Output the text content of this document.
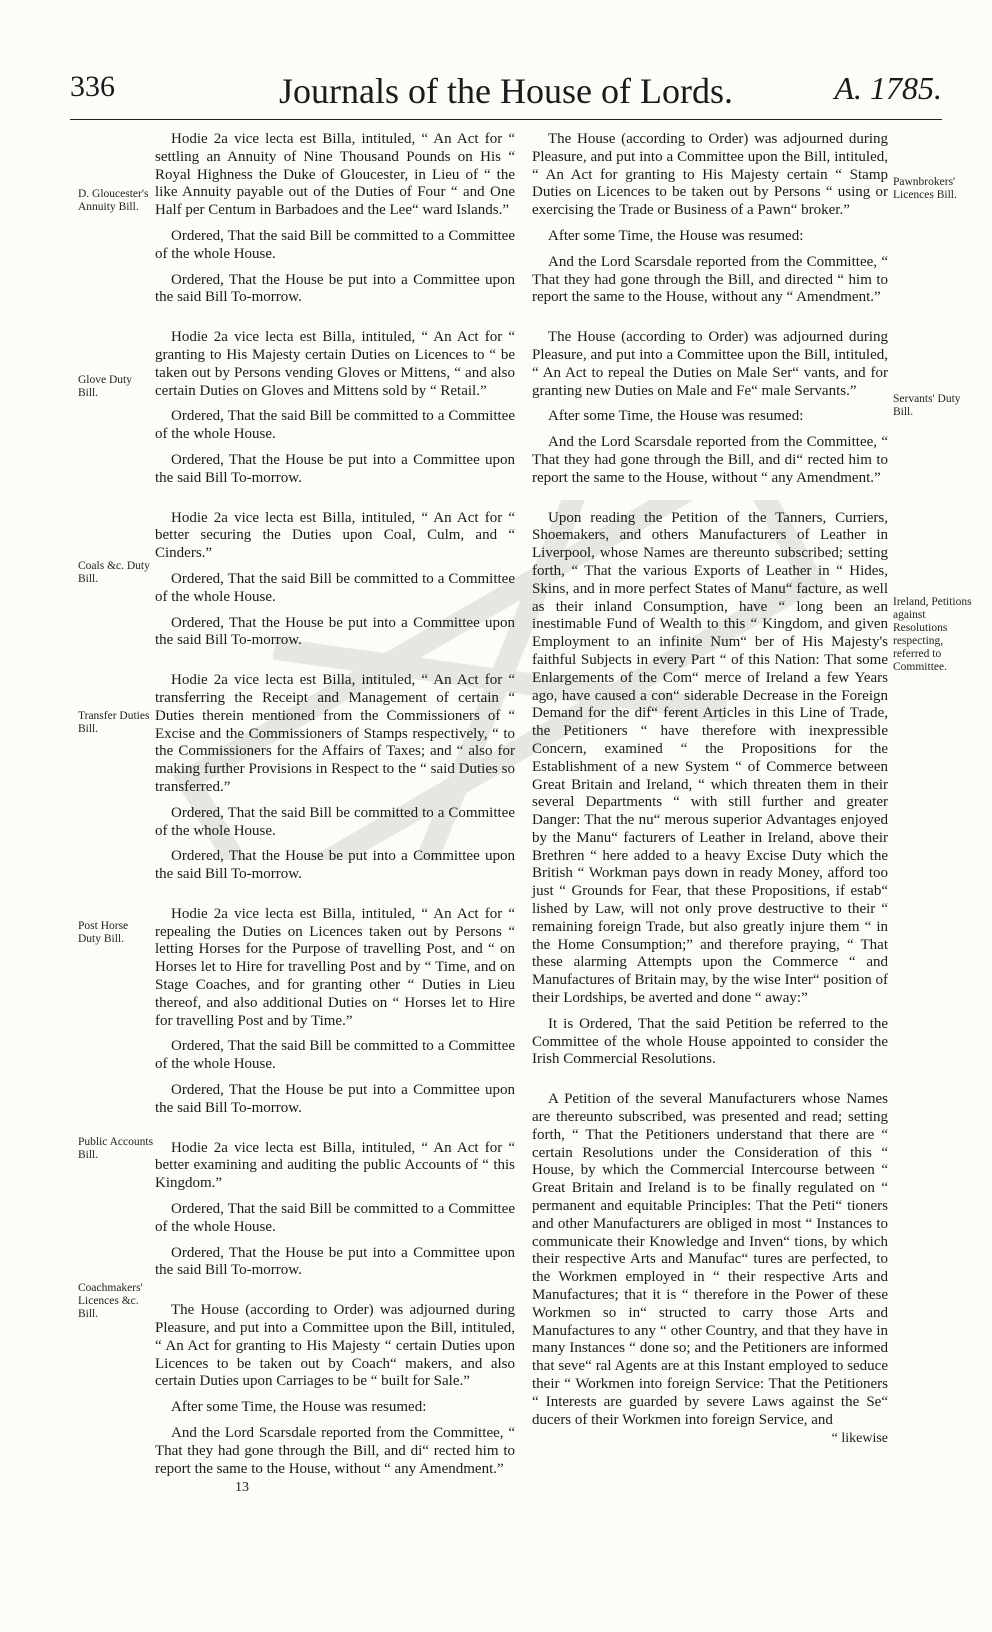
336	Journals of the House of Lords.	A. 1785.
D. Gloucester's Annuity Bill.
Glove Duty Bill.
Coals &c. Duty Bill.
Transfer Duties Bill.
Post Horse Duty Bill.
Public Accounts Bill.
Coachmakers' Licences &c. Bill.
Pawnbrokers' Licences Bill.
Servants' Duty Bill.
Ireland, Petitions against Resolutions respecting, referred to Committee.

Hodie 2a vice lecta est Billa, intituled, “ An Act for “ settling an Annuity of Nine Thousand Pounds on His “ Royal Highness the Duke of Gloucester, in Lieu of “ the like Annuity payable out of the Duties of Four “ and One Half per Centum in Barbadoes and the Lee“ ward Islands.”

Ordered, That the said Bill be committed to a Committee of the whole House.

Ordered, That the House be put into a Committee upon the said Bill To-morrow.

Hodie 2a vice lecta est Billa, intituled, “ An Act for “ granting to His Majesty certain Duties on Licences to “ be taken out by Persons vending Gloves or Mittens, “ and also certain Duties on Gloves and Mittens sold by “ Retail.”

Ordered, That the said Bill be committed to a Committee of the whole House.

Ordered, That the House be put into a Committee upon the said Bill To-morrow.

Hodie 2a vice lecta est Billa, intituled, “ An Act for “ better securing the Duties upon Coal, Culm, and “ Cinders.”

Ordered, That the said Bill be committed to a Committee of the whole House.

Ordered, That the House be put into a Committee upon the said Bill To-morrow.

Hodie 2a vice lecta est Billa, intituled, “ An Act for “ transferring the Receipt and Management of certain “ Duties therein mentioned from the Commissioners of “ Excise and the Commissioners of Stamps respectively, “ to the Commissioners for the Affairs of Taxes; and “ also for making further Provisions in Respect to the “ said Duties so transferred.”

Ordered, That the said Bill be committed to a Committee of the whole House.

Ordered, That the House be put into a Committee upon the said Bill To-morrow.

Hodie 2a vice lecta est Billa, intituled, “ An Act for “ repealing the Duties on Licences taken out by Persons “ letting Horses for the Purpose of travelling Post, and “ on Horses let to Hire for travelling Post and by “ Time, and on Stage Coaches, and for granting other “ Duties in Lieu thereof, and also additional Duties on “ Horses let to Hire for travelling Post and by Time.”

Ordered, That the said Bill be committed to a Committee of the whole House.

Ordered, That the House be put into a Committee upon the said Bill To-morrow.

Hodie 2a vice lecta est Billa, intituled, “ An Act for “ better examining and auditing the public Accounts of “ this Kingdom.”

Ordered, That the said Bill be committed to a Committee of the whole House.

Ordered, That the House be put into a Committee upon the said Bill To-morrow.

The House (according to Order) was adjourned during Pleasure, and put into a Committee upon the Bill, intituled, “ An Act for granting to His Majesty “ certain Duties upon Licences to be taken out by Coach“ makers, and also certain Duties upon Carriages to be “ built for Sale.”

After some Time, the House was resumed:

And the Lord Scarsdale reported from the Committee, “ That they had gone through the Bill, and di“ rected him to report the same to the House, without “ any Amendment.”

13

The House (according to Order) was adjourned during Pleasure, and put into a Committee upon the Bill, intituled, “ An Act for granting to His Majesty certain “ Stamp Duties on Licences to be taken out by Persons “ using or exercising the Trade or Business of a Pawn“ broker.”

After some Time, the House was resumed:

And the Lord Scarsdale reported from the Committee, “ That they had gone through the Bill, and directed “ him to report the same to the House, without any “ Amendment.”

The House (according to Order) was adjourned during Pleasure, and put into a Committee upon the Bill, intituled, “ An Act to repeal the Duties on Male Ser“ vants, and for granting new Duties on Male and Fe“ male Servants.”

After some Time, the House was resumed:

And the Lord Scarsdale reported from the Committee, “ That they had gone through the Bill, and di“ rected him to report the same to the House, without “ any Amendment.”

Upon reading the Petition of the Tanners, Curriers, Shoemakers, and others Manufacturers of Leather in Liverpool, whose Names are thereunto subscribed; setting forth, “ That the various Exports of Leather in “ Hides, Skins, and in more perfect States of Manu“ facture, as well as their inland Consumption, have “ long been an inestimable Fund of Wealth to this “ Kingdom, and given Employment to an infinite Num“ ber of His Majesty's faithful Subjects in every Part “ of this Nation: That some Enlargements of the Com“ merce of Ireland a few Years ago, have caused a con“ siderable Decrease in the Foreign Demand for the dif“ ferent Articles in this Line of Trade, the Petitioners “ have therefore with inexpressible Concern, examined “ the Propositions for the Establishment of a new System “ of Commerce between Great Britain and Ireland, “ which threaten them in their several Departments “ with still further and greater Danger: That the nu“ merous superior Advantages enjoyed by the Manu“ facturers of Leather in Ireland, above their Brethren “ here added to a heavy Excise Duty which the British “ Workman pays down in ready Money, afford too just “ Grounds for Fear, that these Propositions, if estab“ lished by Law, will not only prove destructive to their “ remaining foreign Trade, but also greatly injure them “ in the Home Consumption;” and therefore praying, “ That these alarming Attempts upon the Commerce “ and Manufactures of Britain may, by the wise Inter“ position of their Lordships, be averted and done “ away:”

It is Ordered, That the said Petition be referred to the Committee of the whole House appointed to consider the Irish Commercial Resolutions.

A Petition of the several Manufacturers whose Names are thereunto subscribed, was presented and read; setting forth, “ That the Petitioners understand that there are “ certain Resolutions under the Consideration of this “ House, by which the Commercial Intercourse between “ Great Britain and Ireland is to be finally regulated on “ permanent and equitable Principles: That the Peti“ tioners and other Manufacturers are obliged in most “ Instances to communicate their Knowledge and Inven“ tions, by which their respective Arts and Manufac“ tures are perfected, to the Workmen employed in “ their respective Arts and Manufactures; that it is “ therefore in the Power of these Workmen so in“ structed to carry those Arts and Manufactures to any “ other Country, and that they have in many Instances “ done so; and the Petitioners are informed that seve“ ral Agents are at this Instant employed to seduce their “ Workmen into foreign Service: That the Petitioners “ Interests are guarded by severe Laws against the Se“ ducers of their Workmen into foreign Service, and

“ likewise
